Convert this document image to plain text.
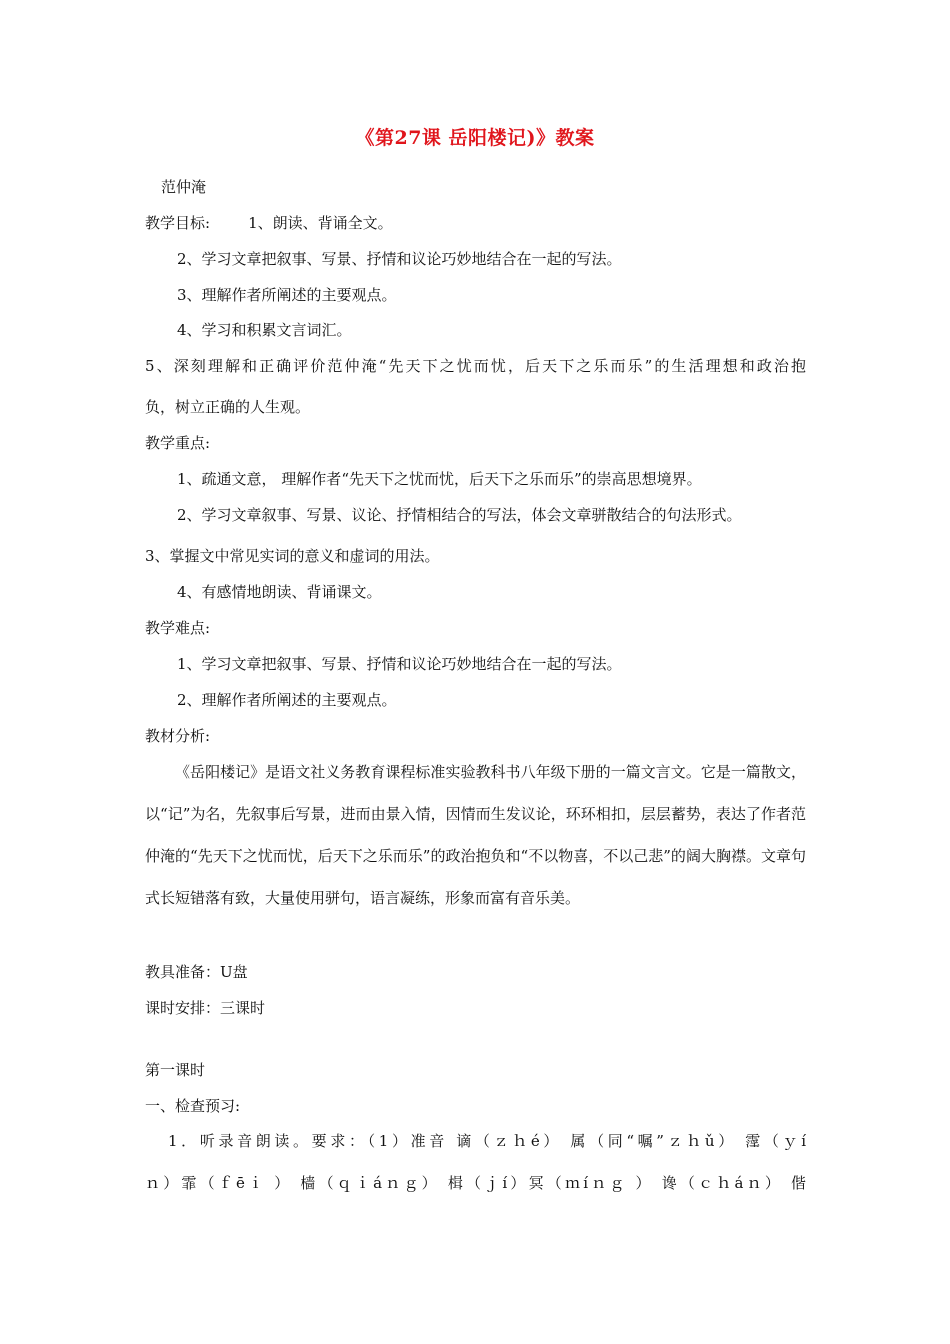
《第27课 岳阳楼记)》教案
范仲淹
教学目标:	1、朗读、背诵全文。
2、学习文章把叙事、写景、抒情和议论巧妙地结合在一起的写法。
3、理解作者所阐述的主要观点。
4、学习和积累文言词汇。
5、深刻理解和正确评价范仲淹“先天下之忧而忧，后天下之乐而乐”的生活理想和政治抱
负，树立正确的人生观。
教学重点:
1、疏通文意， 理解作者“先天下之忧而忧，后天下之乐而乐”的崇高思想境界。
2、学习文章叙事、写景、议论、抒情相结合的写法，体会文章骈散结合的句法形式。
3、掌握文中常见实词的意义和虚词的用法。
4、有感情地朗读、背诵课文。
教学难点:
1、学习文章把叙事、写景、抒情和议论巧妙地结合在一起的写法。
2、理解作者所阐述的主要观点。
教材分析:
《岳阳楼记》是语文社义务教育课程标准实验教科书八年级下册的一篇文言文。它是一篇散文，以“记”为名，先叙事后写景，进而由景入情，因情而生发议论，环环相扣，层层蓄势，表达了作者范仲淹的“先天下之忧而忧，后天下之乐而乐”的政治抱负和“不以物喜，不以己悲”的阔大胸襟。文章句式长短错落有致，大量使用骈句，语言凝练，形象而富有音乐美。
教具准备：U盘
课时安排：三课时
第一课时
一、检查预习:
1．听录音朗读。要求：（1）准音 谪（ｚｈé） 属（同“嘱”ｚｈǔ） 霪（ｙí
ｎ）霏（ｆēｉ ） 樯（ｑｉáｎｇ） 楫（ｊí）冥（ｍíｎｇ ） 谗（ｃｈáｎ） 偕
